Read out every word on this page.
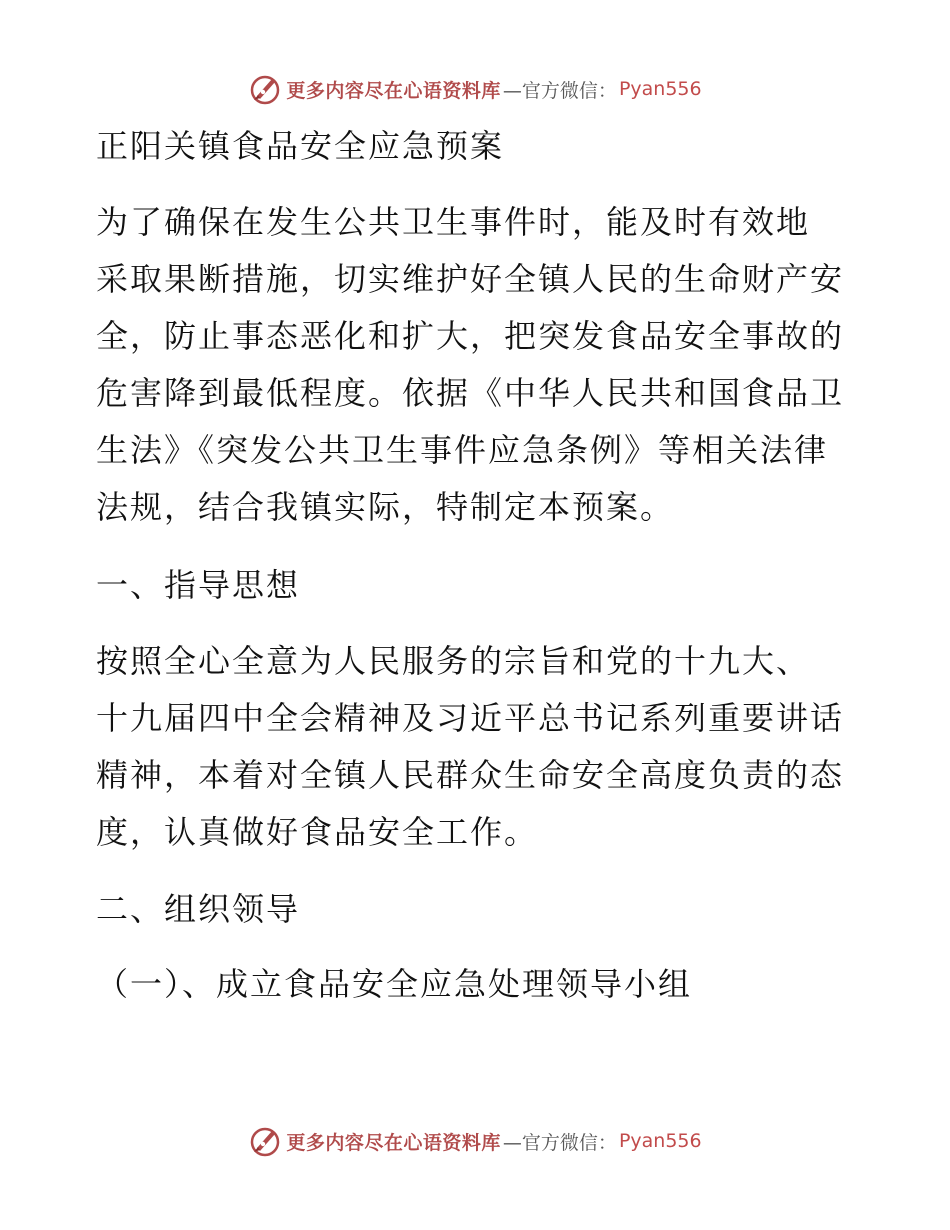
更多内容尽在心语资料库 —官方微信： Pyan556
正阳关镇食品安全应急预案
为了确保在发生公共卫生事件时，能及时有效地
采取果断措施，切实维护好全镇人民的生命财产安
全，防止事态恶化和扩大，把突发食品安全事故的
危害降到最低程度。依据《中华人民共和国食品卫
生法》《突发公共卫生事件应急条例》等相关法律
法规，结合我镇实际，特制定本预案。
一、指导思想
按照全心全意为人民服务的宗旨和党的十九大、
十九届四中全会精神及习近平总书记系列重要讲话
精神，本着对全镇人民群众生命安全高度负责的态
度，认真做好食品安全工作。
二、组织领导
（一）、成立食品安全应急处理领导小组
更多内容尽在心语资料库 —官方微信： Pyan556
